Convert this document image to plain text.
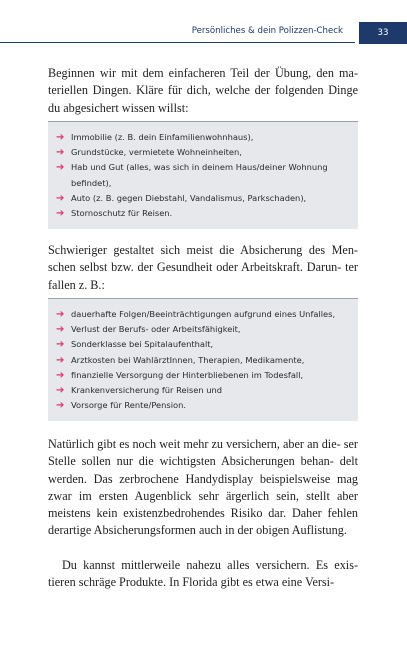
Persönliches & dein Polizzen-Check	33

Beginnen wir mit dem einfacheren Teil der Übung, den ma- teriellen Dingen. Kläre für dich, welche der folgenden Dinge du abgesichert wissen willst:

➔ Immobilie (z. B. dein Einfamilienwohnhaus),
➔ Grundstücke, vermietete Wohneinheiten,
➔ Hab und Gut (alles, was sich in deinem Haus/deiner Wohnung befindet),
➔ Auto (z. B. gegen Diebstahl, Vandalismus, Parkschaden),
➔ Stornoschutz für Reisen.

Schwieriger gestaltet sich meist die Absicherung des Men- schen selbst bzw. der Gesundheit oder Arbeitskraft. Darun- ter fallen z. B.:

➔ dauerhafte Folgen/Beeinträchtigungen aufgrund eines Unfalles,
➔ Verlust der Berufs- oder Arbeitsfähigkeit,
➔ Sonderklasse bei Spitalaufenthalt,
➔ Arztkosten bei WahlärztInnen, Therapien, Medikamente,
➔ finanzielle Versorgung der Hinterbliebenen im Todesfall,
➔ Krankenversicherung für Reisen und
➔ Vorsorge für Rente/Pension.

Natürlich gibt es noch weit mehr zu versichern, aber an die- ser Stelle sollen nur die wichtigsten Absicherungen behan- delt werden. Das zerbrochene Handydisplay beispielsweise mag zwar im ersten Augenblick sehr ärgerlich sein, stellt aber meistens kein existenzbedrohendes Risiko dar. Daher fehlen derartige Absicherungsformen auch in der obigen Auflistung.

Du kannst mittlerweile nahezu alles versichern. Es exis- tieren schräge Produkte. In Florida gibt es etwa eine Versi-
